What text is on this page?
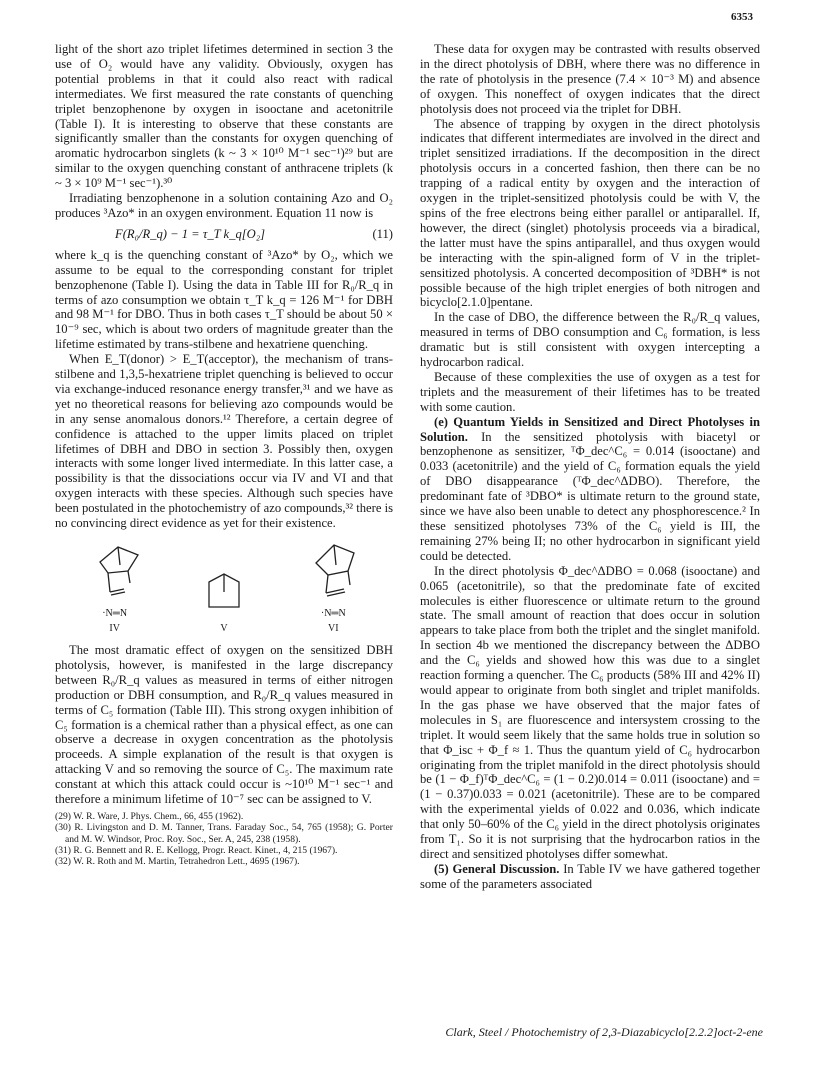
6353

light of the short azo triplet lifetimes determined in section 3 the use of O₂ would have any validity. Obviously, oxygen has potential problems in that it could also react with radical intermediates. We first measured the rate constants of quenching triplet benzophenone by oxygen in isooctane and acetonitrile (Table I). It is interesting to observe that these constants are significantly smaller than the constants for oxygen quenching of aromatic hydrocarbon singlets (k ~ 3 × 10¹⁰ M⁻¹ sec⁻¹)²⁹ but are similar to the oxygen quenching constant of anthracene triplets (k ~ 3 × 10⁹ M⁻¹ sec⁻¹).³⁰

Irradiating benzophenone in a solution containing Azo and O₂ produces ³Azo* in an oxygen environment. Equation 11 now is

F(R₀/R_q) − 1 = τ_T k_q[O₂]	(11)

where k_q is the quenching constant of ³Azo* by O₂, which we assume to be equal to the corresponding constant for triplet benzophenone (Table I). Using the data in Table III for R₀/R_q in terms of azo consumption we obtain τ_T k_q = 126 M⁻¹ for DBH and 98 M⁻¹ for DBO. Thus in both cases τ_T should be about 50 × 10⁻⁹ sec, which is about two orders of magnitude greater than the lifetime estimated by trans-stilbene and hexatriene quenching.

When E_T(donor) > E_T(acceptor), the mechanism of trans-stilbene and 1,3,5-hexatriene triplet quenching is believed to occur via exchange-induced resonance energy transfer,³¹ and we have as yet no theoretical reasons for believing azo compounds would be in any sense anomalous donors.¹² Therefore, a certain degree of confidence is attached to the upper limits placed on triplet lifetimes of DBH and DBO in section 3. Possibly then, oxygen interacts with some longer lived intermediate. In this latter case, a possibility is that the dissociations occur via IV and VI and that oxygen interacts with these species. Although such species have been postulated in the photochemistry of azo compounds,³² there is no convincing direct evidence as yet for their existence.

·N═N
IV	V
·N═N
VI

The most dramatic effect of oxygen on the sensitized DBH photolysis, however, is manifested in the large discrepancy between R₀/R_q values as measured in terms of either nitrogen production or DBH consumption, and R₀/R_q values measured in terms of C₅ formation (Table III). This strong oxygen inhibition of C₅ formation is a chemical rather than a physical effect, as one can observe a decrease in oxygen concentration as the photolysis proceeds. A simple explanation of the result is that oxygen is attacking V and so removing the source of C₅. The maximum rate constant at which this attack could occur is ~10¹⁰ M⁻¹ sec⁻¹ and therefore a minimum lifetime of 10⁻⁷ sec can be assigned to V.

(29) W. R. Ware, J. Phys. Chem., 66, 455 (1962).

(30) R. Livingston and D. M. Tanner, Trans. Faraday Soc., 54, 765 (1958); G. Porter and M. W. Windsor, Proc. Roy. Soc., Ser. A, 245, 238 (1958).

(31) R. G. Bennett and R. E. Kellogg, Progr. React. Kinet., 4, 215 (1967).

(32) W. R. Roth and M. Martin, Tetrahedron Lett., 4695 (1967).

These data for oxygen may be contrasted with results observed in the direct photolysis of DBH, where there was no difference in the rate of photolysis in the presence (7.4 × 10⁻³ M) and absence of oxygen. This noneffect of oxygen indicates that the direct photolysis does not proceed via the triplet for DBH.

The absence of trapping by oxygen in the direct photolysis indicates that different intermediates are involved in the direct and triplet sensitized irradiations. If the decomposition in the direct photolysis occurs in a concerted fashion, then there can be no trapping of a radical entity by oxygen and the interaction of oxygen in the triplet-sensitized photolysis could be with V, the spins of the free electrons being either parallel or antiparallel. If, however, the direct (singlet) photolysis proceeds via a biradical, the latter must have the spins antiparallel, and thus oxygen would be interacting with the spin-aligned form of V in the triplet-sensitized photolysis. A concerted decomposition of ³DBH* is not possible because of the high triplet energies of both nitrogen and bicyclo[2.1.0]pentane.

In the case of DBO, the difference between the R₀/R_q values, measured in terms of DBO consumption and C₆ formation, is less dramatic but is still consistent with oxygen intercepting a hydrocarbon radical.

Because of these complexities the use of oxygen as a test for triplets and the measurement of their lifetimes has to be treated with some caution.

(e) Quantum Yields in Sensitized and Direct Photolyses in Solution. In the sensitized photolysis with biacetyl or benzophenone as sensitizer, ᵀΦ_dec^C₆ = 0.014 (isooctane) and 0.033 (acetonitrile) and the yield of C₆ formation equals the yield of DBO disappearance (ᵀΦ_dec^ΔDBO). Therefore, the predominant fate of ³DBO* is ultimate return to the ground state, since we have also been unable to detect any phosphorescence.² In these sensitized photolyses 73% of the C₆ yield is III, the remaining 27% being II; no other hydrocarbon in significant yield could be detected.

In the direct photolysis Φ_dec^ΔDBO = 0.068 (isooctane) and 0.065 (acetonitrile), so that the predominate fate of excited molecules is either fluorescence or ultimate return to the ground state. The small amount of reaction that does occur in solution appears to take place from both the triplet and the singlet manifold. In section 4b we mentioned the discrepancy between the ΔDBO and the C₆ yields and showed how this was due to a singlet reaction forming a quencher. The C₆ products (58% III and 42% II) would appear to originate from both singlet and triplet manifolds. In the gas phase we have observed that the major fates of molecules in S₁ are fluorescence and intersystem crossing to the triplet. It would seem likely that the same holds true in solution so that Φ_isc + Φ_f ≈ 1. Thus the quantum yield of C₆ hydrocarbon originating from the triplet manifold in the direct photolysis should be (1 − Φ_f)ᵀΦ_dec^C₆ = (1 − 0.2)0.014 = 0.011 (isooctane) and = (1 − 0.37)0.033 = 0.021 (acetonitrile). These are to be compared with the experimental yields of 0.022 and 0.036, which indicate that only 50–60% of the C₆ yield in the direct photolysis originates from T₁. So it is not surprising that the hydrocarbon ratios in the direct and sensitized photolyses differ somewhat.

(5) General Discussion. In Table IV we have gathered together some of the parameters associated

Clark, Steel / Photochemistry of 2,3-Diazabicyclo[2.2.2]oct-2-ene
